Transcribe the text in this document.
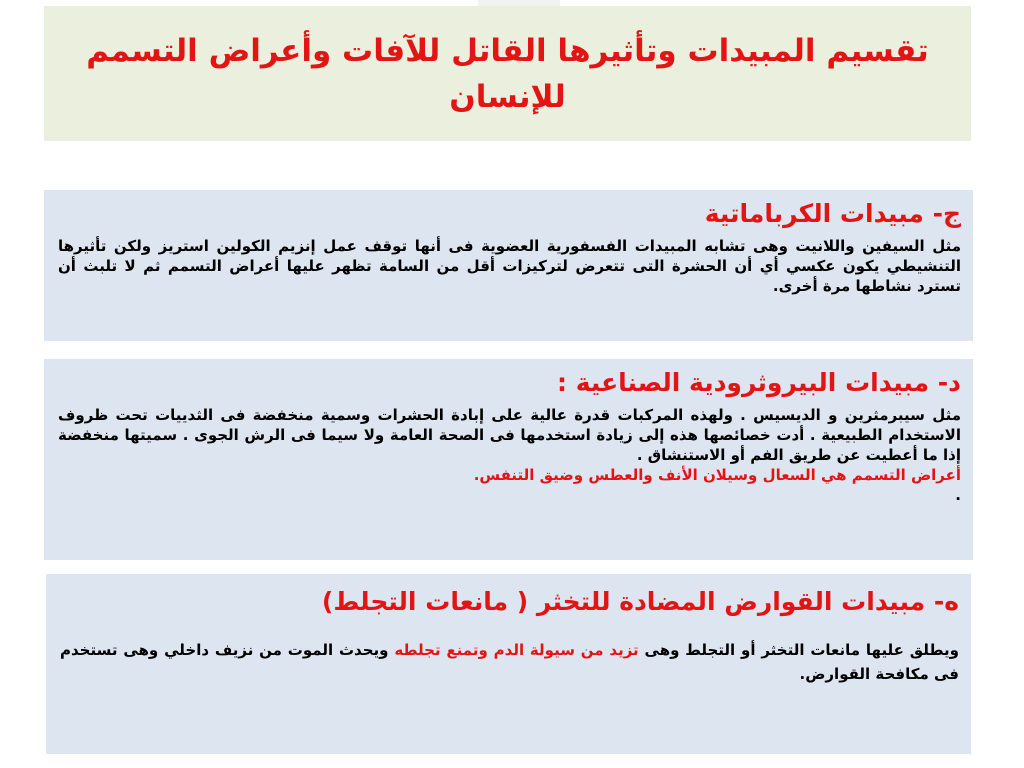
تقسيم المبيدات وتأثيرها القاتل للآفات وأعراض التسمم للإنسان
ج- مبيدات الكرباماتية

مثل السيفين واللانيت وهى تشابه المبيدات الفسفورية العضوية فى أنها توقف عمل إنزيم الكولين استريز ولكن تأثيرها التنشيطي يكون عكسي أي أن الحشرة التى تتعرض لتركيزات أقل من السامة تظهر عليها أعراض التسمم ثم لا تلبث أن تسترد نشاطها مرة أخرى.

د- مبيدات البيروثرودية الصناعية :

مثل سيبرمثرين و الديسيس . ولهذه المركبات قدرة عالية على إبادة الحشرات وسمية منخفضة فى الثدييات تحت ظروف الاستخدام الطبيعية . أدت خصائصها هذه إلى زيادة استخدمها فى الصحة العامة ولا سيما فى الرش الجوى . سميتها منخفضة إذا ما أعطيت عن طريق الفم أو الاستنشاق .

أعراض التسمم هي السعال وسيلان الأنف والعطس وضيق التنفس.

.

ه- مبيدات القوارض المضادة للتخثر ( مانعات التجلط)

ويطلق عليها مانعات التخثر أو التجلط وهى تزيد من سيولة الدم وتمنع تجلطه ويحدث الموت من نزيف داخلي وهى تستخدم فى مكافحة القوارض.
